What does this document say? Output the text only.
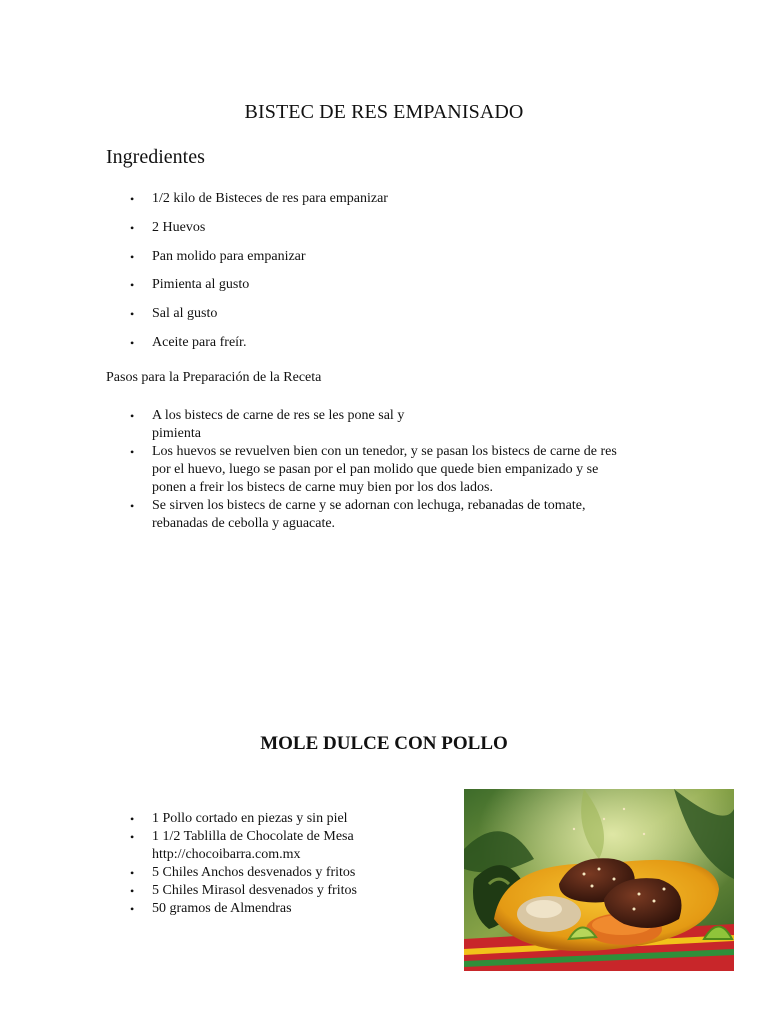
BISTEC DE RES EMPANISADO
Ingredientes
• 1/2 kilo de Bisteces de res para empanizar
• 2 Huevos
• Pan molido para empanizar
• Pimienta al gusto
• Sal al gusto
• Aceite para freír.
Pasos para la Preparación de la Receta
• A los bistecs de carne de res se les pone sal y
pimienta
• Los huevos se revuelven bien con un tenedor, y se pasan los bistecs de carne de res
por el huevo, luego se pasan por el pan molido que quede bien empanizado y se
ponen a freir los bistecs de carne muy bien por los dos lados.
• Se sirven los bistecs de carne y se adornan con lechuga, rebanadas de tomate,
rebanadas de cebolla y aguacate.
MOLE DULCE CON POLLO
• 1 Pollo cortado en piezas y sin piel
• 1 1/2 Tablilla de Chocolate de Mesa
http://chocoibarra.com.mx
• 5 Chiles Anchos desvenados y fritos
• 5 Chiles Mirasol desvenados y fritos
• 50 gramos de Almendras
